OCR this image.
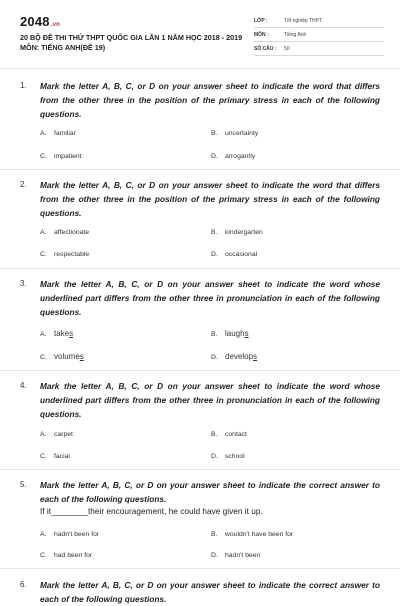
2048.vn
20 BỘ ĐỀ THI THỬ THPT QUỐC GIA LẦN 1 NĂM HỌC 2018 - 2019 MÔN: TIẾNG ANH(ĐỀ 19)
LỚP :	Tốt nghiệp THPT
MÔN :	Tiếng Anh
SỐ CÂU : 50
1. Mark the letter A, B, C, or D on your answer sheet to indicate the word that differs from the other three in the position of the primary stress in each of the following questions.
A. familiar	B. uncertainty
C. impatient	D. arrogantly
2. Mark the letter A, B, C, or D on your answer sheet to indicate the word that differs from the other three in the position of the primary stress in each of the following questions.
A. affectionate	B. kindergarten
C. respectable	D. occasional
3. Mark the letter A, B, C, or D on your answer sheet to indicate the word whose underlined part differs from the other three in pronunciation in each of the following questions.
A. takes	B. laughs
C. volumes	D. develops
4. Mark the letter A, B, C, or D on your answer sheet to indicate the word whose underlined part differs from the other three in pronunciation in each of the following questions.
A. carpet	B. contact
C. facial	D. school
5. Mark the letter A, B, C, or D on your answer sheet to indicate the correct answer to each of the following questions.
If it________their encouragement, he could have given it up.
A. hadn't been for	B. wouldn't have been for
C. had been for	D. hadn't been
6. Mark the letter A, B, C, or D on your answer sheet to indicate the correct answer to each of the following questions.
